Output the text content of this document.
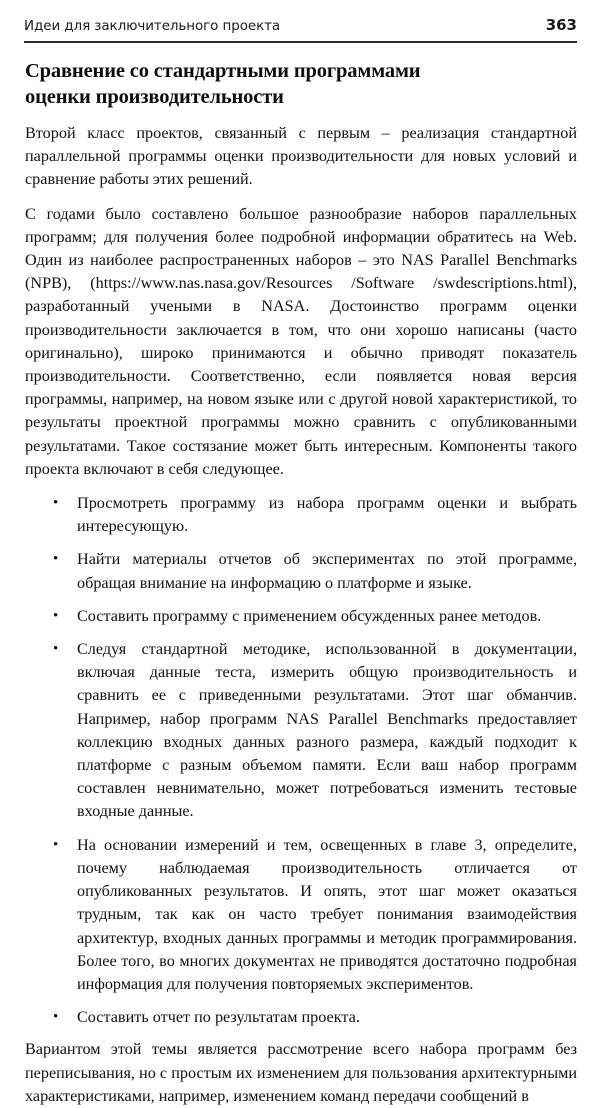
Идеи для заключительного проекта	363
Сравнение со стандартными программами
оценки производительности

Второй класс проектов, связанный с первым – реализация стандартной параллельной программы оценки производительности для новых условий и сравнение работы этих решений.

С годами было составлено большое разнообразие наборов параллельных программ; для получения более подробной информации обратитесь на Web. Один из наиболее распространенных наборов – это NAS Parallel Benchmarks (NPB), (https://www.nas.nasa.gov/Resources /Software /swdescriptions.html), разработанный учеными в NASA. Достоинство программ оценки производительности заключается в том, что они хорошо написаны (часто оригинально), широко принимаются и обычно приводят показатель производительности. Соответственно, если появляется новая версия программы, например, на новом языке или с другой новой характеристикой, то результаты проектной программы можно сравнить с опубликованными результатами. Такое состязание может быть интересным. Компоненты такого проекта включают в себя следующее.

• Просмотреть программу из набора программ оценки и выбрать интересующую.
• Найти материалы отчетов об экспериментах по этой программе, обращая внимание на информацию о платформе и языке.
• Составить программу с применением обсужденных ранее методов.
• Следуя стандартной методике, использованной в документации, включая данные теста, измерить общую производительность и сравнить ее с приведенными результатами. Этот шаг обманчив. Например, набор программ NAS Parallel Benchmarks предоставляет коллекцию входных данных разного размера, каждый подходит к платформе с разным объемом памяти. Если ваш набор программ составлен невнимательно, может потребоваться изменить тестовые входные данные.
• На основании измерений и тем, освещенных в главе 3, определите, почему наблюдаемая производительность отличается от опубликованных результатов. И опять, этот шаг может оказаться трудным, так как он часто требует понимания взаимодействия архитектур, входных данных программы и методик программирования. Более того, во многих документах не приводятся достаточно подробная информация для получения повторяемых экспериментов.
• Составить отчет по результатам проекта.

Вариантом этой темы является рассмотрение всего набора программ без переписывания, но с простым их изменением для пользования архитектурными характеристиками, например, изменением команд передачи сообщений в
